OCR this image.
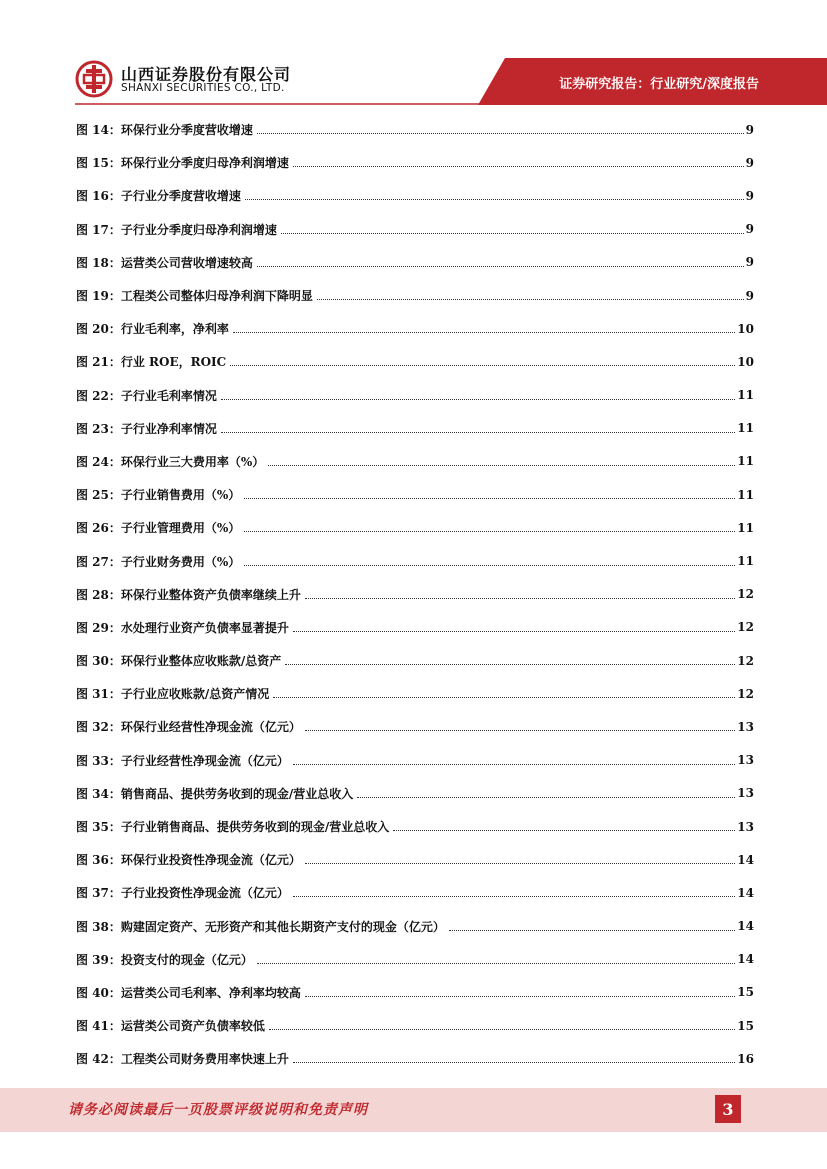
山西证券股份有限公司
SHANXI SECURITIES CO., LTD.	证券研究报告：行业研究/深度报告
图 14：环保行业分季度营收增速	9
图 15：环保行业分季度归母净利润增速	9
图 16：子行业分季度营收增速	9
图 17：子行业分季度归母净利润增速	9
图 18：运营类公司营收增速较高	9
图 19：工程类公司整体归母净利润下降明显	9
图 20：行业毛利率，净利率	10
图 21：行业 ROE，ROIC	10
图 22：子行业毛利率情况	11
图 23：子行业净利率情况	11
图 24：环保行业三大费用率（%）	11
图 25：子行业销售费用（%）	11
图 26：子行业管理费用（%）	11
图 27：子行业财务费用（%）	11
图 28：环保行业整体资产负债率继续上升	12
图 29：水处理行业资产负债率显著提升	12
图 30：环保行业整体应收账款/总资产	12
图 31：子行业应收账款/总资产情况	12
图 32：环保行业经营性净现金流（亿元）	13
图 33：子行业经营性净现金流（亿元）	13
图 34：销售商品、提供劳务收到的现金/营业总收入	13
图 35：子行业销售商品、提供劳务收到的现金/营业总收入	13
图 36：环保行业投资性净现金流（亿元）	14
图 37：子行业投资性净现金流（亿元）	14
图 38：购建固定资产、无形资产和其他长期资产支付的现金（亿元）	14
图 39：投资支付的现金（亿元）	14
图 40：运营类公司毛利率、净利率均较高	15
图 41：运营类公司资产负债率较低	15
图 42：工程类公司财务费用率快速上升	16
请务必阅读最后一页股票评级说明和免责声明	3
